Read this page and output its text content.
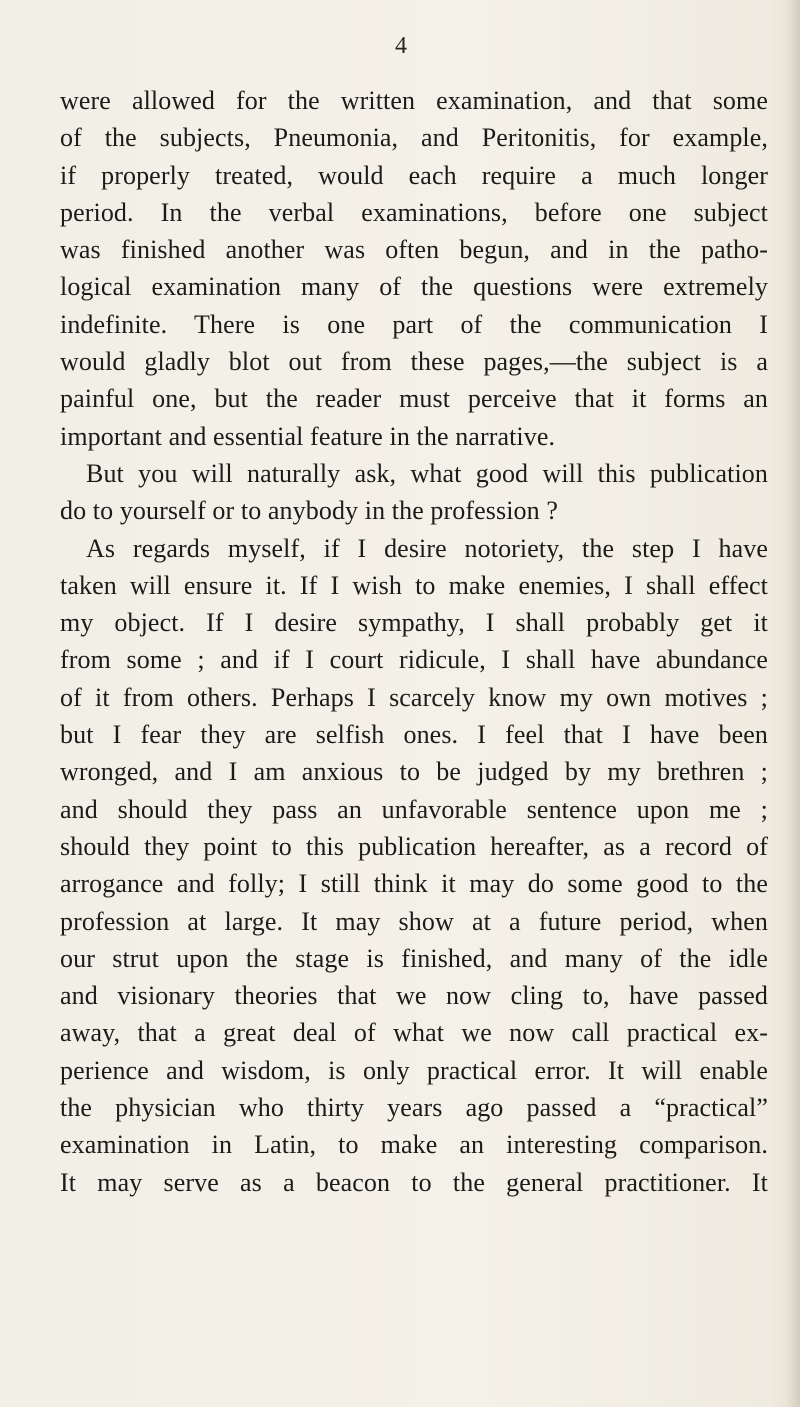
4
were allowed for the written examination, and that some
of the subjects, Pneumonia, and Peritonitis, for example,
if properly treated, would each require a much longer
period. In the verbal examinations, before one subject
was finished another was often begun, and in the patho-
logical examination many of the questions were extremely
indefinite. There is one part of the communication I
would gladly blot out from these pages,—the subject is a
painful one, but the reader must perceive that it forms an
important and essential feature in the narrative.
But you will naturally ask, what good will this publication
do to yourself or to anybody in the profession ?
As regards myself, if I desire notoriety, the step I have
taken will ensure it. If I wish to make enemies, I shall effect
my object. If I desire sympathy, I shall probably get it
from some ; and if I court ridicule, I shall have abundance
of it from others. Perhaps I scarcely know my own motives ;
but I fear they are selfish ones. I feel that I have been
wronged, and I am anxious to be judged by my brethren ;
and should they pass an unfavorable sentence upon me ;
should they point to this publication hereafter, as a record of
arrogance and folly; I still think it may do some good to the
profession at large. It may show at a future period, when
our strut upon the stage is finished, and many of the idle
and visionary theories that we now cling to, have passed
away, that a great deal of what we now call practical ex-
perience and wisdom, is only practical error. It will enable
the physician who thirty years ago passed a “practical”
examination in Latin, to make an interesting comparison.
It may serve as a beacon to the general practitioner. It
